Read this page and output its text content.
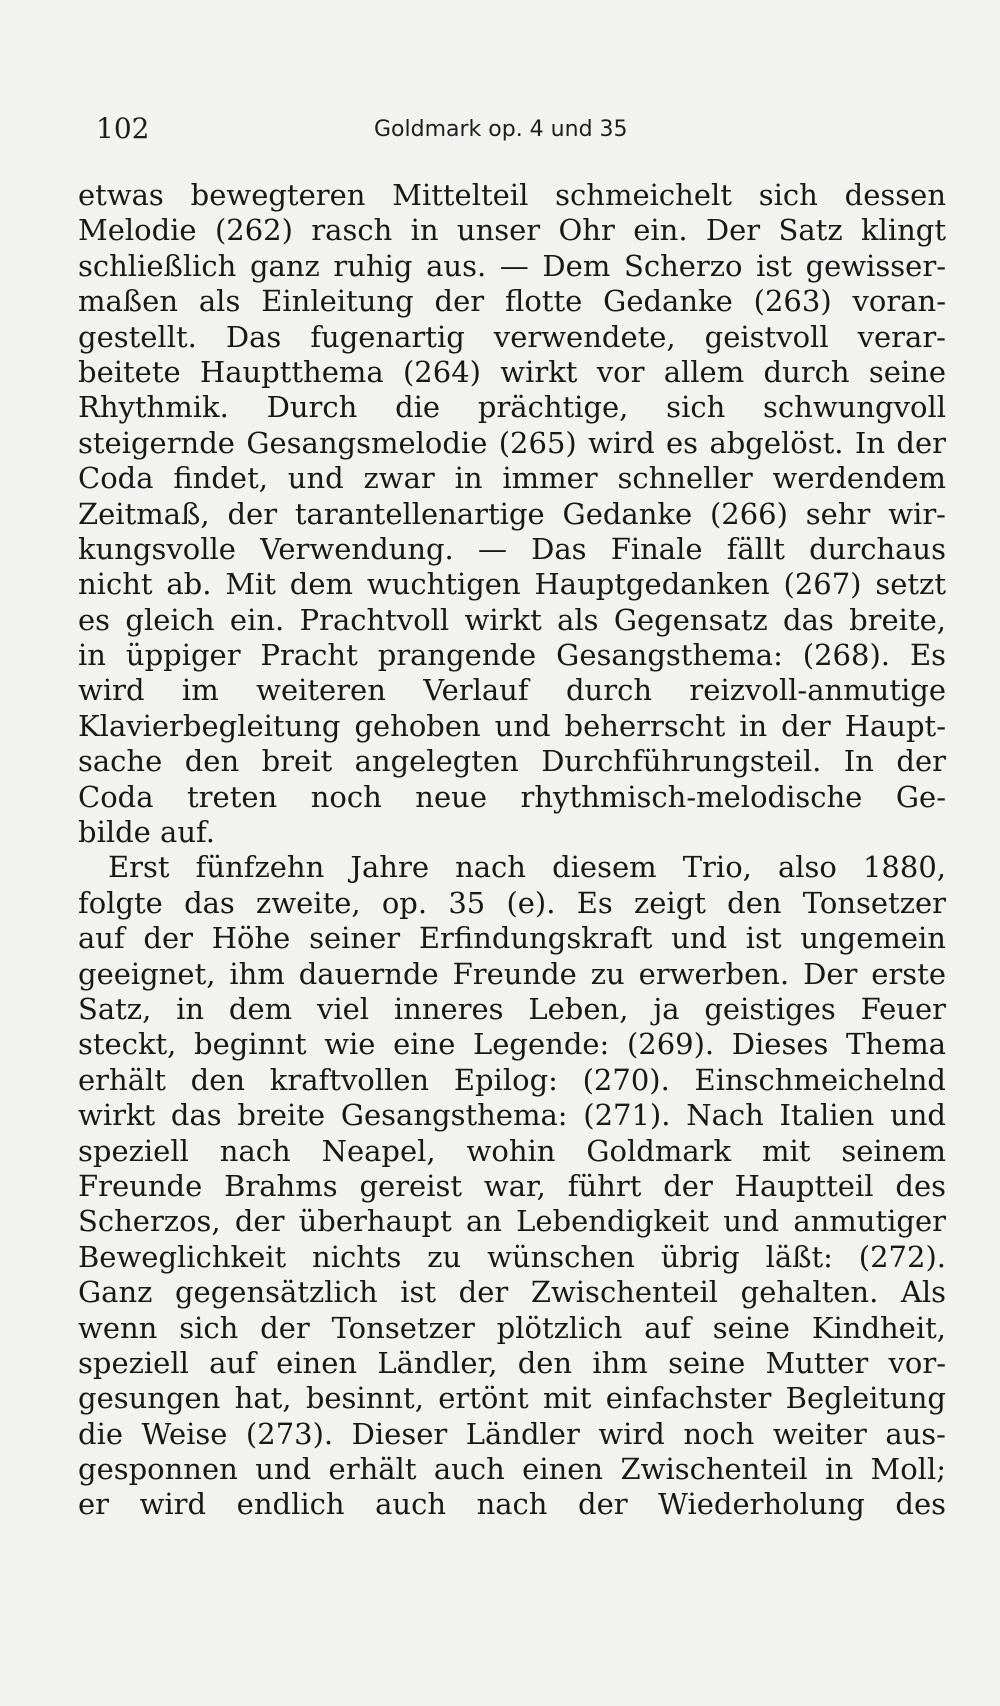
102	Goldmark op. 4 und 35
etwas bewegteren Mittelteil schmeichelt sich dessen
Melodie (262) rasch in unser Ohr ein. Der Satz klingt
schließlich ganz ruhig aus. — Dem Scherzo ist gewisser-
maßen als Einleitung der flotte Gedanke (263) voran-
gestellt. Das fugenartig verwendete, geistvoll verar-
beitete Hauptthema (264) wirkt vor allem durch seine
Rhythmik. Durch die prächtige, sich schwungvoll
steigernde Gesangsmelodie (265) wird es abgelöst. In der
Coda findet, und zwar in immer schneller werdendem
Zeitmaß, der tarantellenartige Gedanke (266) sehr wir-
kungsvolle Verwendung. — Das Finale fällt durchaus
nicht ab. Mit dem wuchtigen Hauptgedanken (267) setzt
es gleich ein. Prachtvoll wirkt als Gegensatz das breite,
in üppiger Pracht prangende Gesangsthema: (268). Es
wird im weiteren Verlauf durch reizvoll-anmutige
Klavierbegleitung gehoben und beherrscht in der Haupt-
sache den breit angelegten Durchführungsteil. In der
Coda treten noch neue rhythmisch-melodische Ge-
bilde auf.
Erst fünfzehn Jahre nach diesem Trio, also 1880,
folgte das zweite, op. 35 (e). Es zeigt den Tonsetzer
auf der Höhe seiner Erfindungskraft und ist ungemein
geeignet, ihm dauernde Freunde zu erwerben. Der erste
Satz, in dem viel inneres Leben, ja geistiges Feuer
steckt, beginnt wie eine Legende: (269). Dieses Thema
erhält den kraftvollen Epilog: (270). Einschmeichelnd
wirkt das breite Gesangsthema: (271). Nach Italien und
speziell nach Neapel, wohin Goldmark mit seinem
Freunde Brahms gereist war, führt der Hauptteil des
Scherzos, der überhaupt an Lebendigkeit und anmutiger
Beweglichkeit nichts zu wünschen übrig läßt: (272).
Ganz gegensätzlich ist der Zwischenteil gehalten. Als
wenn sich der Tonsetzer plötzlich auf seine Kindheit,
speziell auf einen Ländler, den ihm seine Mutter vor-
gesungen hat, besinnt, ertönt mit einfachster Begleitung
die Weise (273). Dieser Ländler wird noch weiter aus-
gesponnen und erhält auch einen Zwischenteil in Moll;
er wird endlich auch nach der Wiederholung des
